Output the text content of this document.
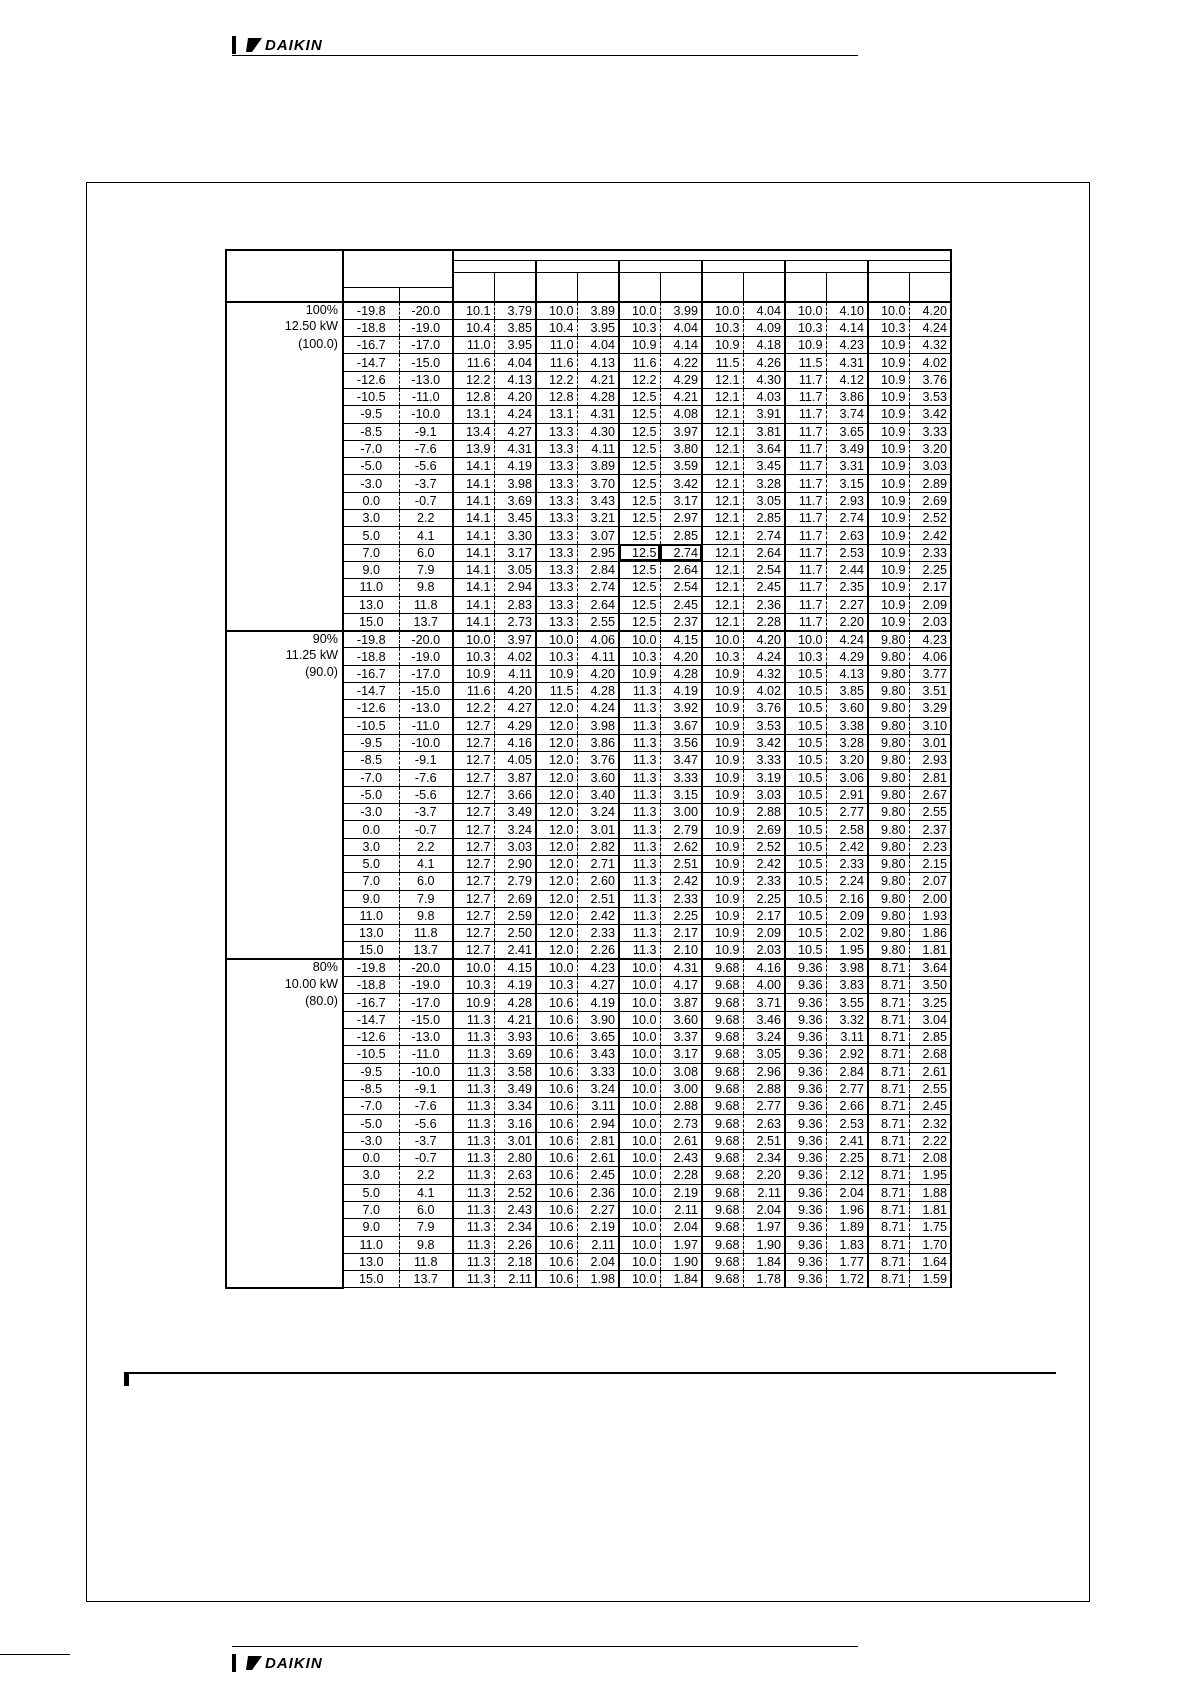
DAIKIN

100%	-19.8	-20.0	10.1	3.79	10.0	3.89	10.0	3.99	10.0	4.04	10.0	4.10	10.0	4.20
12.50 kW	-18.8	-19.0	10.4	3.85	10.4	3.95	10.3	4.04	10.3	4.09	10.3	4.14	10.3	4.24
(100.0)	-16.7	-17.0	11.0	3.95	11.0	4.04	10.9	4.14	10.9	4.18	10.9	4.23	10.9	4.32
	-14.7	-15.0	11.6	4.04	11.6	4.13	11.6	4.22	11.5	4.26	11.5	4.31	10.9	4.02
	-12.6	-13.0	12.2	4.13	12.2	4.21	12.2	4.29	12.1	4.30	11.7	4.12	10.9	3.76
	-10.5	-11.0	12.8	4.20	12.8	4.28	12.5	4.21	12.1	4.03	11.7	3.86	10.9	3.53
	-9.5	-10.0	13.1	4.24	13.1	4.31	12.5	4.08	12.1	3.91	11.7	3.74	10.9	3.42
	-8.5	-9.1	13.4	4.27	13.3	4.30	12.5	3.97	12.1	3.81	11.7	3.65	10.9	3.33
	-7.0	-7.6	13.9	4.31	13.3	4.11	12.5	3.80	12.1	3.64	11.7	3.49	10.9	3.20
	-5.0	-5.6	14.1	4.19	13.3	3.89	12.5	3.59	12.1	3.45	11.7	3.31	10.9	3.03
	-3.0	-3.7	14.1	3.98	13.3	3.70	12.5	3.42	12.1	3.28	11.7	3.15	10.9	2.89
	0.0	-0.7	14.1	3.69	13.3	3.43	12.5	3.17	12.1	3.05	11.7	2.93	10.9	2.69
	3.0	2.2	14.1	3.45	13.3	3.21	12.5	2.97	12.1	2.85	11.7	2.74	10.9	2.52
	5.0	4.1	14.1	3.30	13.3	3.07	12.5	2.85	12.1	2.74	11.7	2.63	10.9	2.42
	7.0	6.0	14.1	3.17	13.3	2.95	12.5	2.74	12.1	2.64	11.7	2.53	10.9	2.33
	9.0	7.9	14.1	3.05	13.3	2.84	12.5	2.64	12.1	2.54	11.7	2.44	10.9	2.25
	11.0	9.8	14.1	2.94	13.3	2.74	12.5	2.54	12.1	2.45	11.7	2.35	10.9	2.17
	13.0	11.8	14.1	2.83	13.3	2.64	12.5	2.45	12.1	2.36	11.7	2.27	10.9	2.09
	15.0	13.7	14.1	2.73	13.3	2.55	12.5	2.37	12.1	2.28	11.7	2.20	10.9	2.03
90%	-19.8	-20.0	10.0	3.97	10.0	4.06	10.0	4.15	10.0	4.20	10.0	4.24	9.80	4.23
11.25 kW	-18.8	-19.0	10.3	4.02	10.3	4.11	10.3	4.20	10.3	4.24	10.3	4.29	9.80	4.06
(90.0)	-16.7	-17.0	10.9	4.11	10.9	4.20	10.9	4.28	10.9	4.32	10.5	4.13	9.80	3.77
	-14.7	-15.0	11.6	4.20	11.5	4.28	11.3	4.19	10.9	4.02	10.5	3.85	9.80	3.51
	-12.6	-13.0	12.2	4.27	12.0	4.24	11.3	3.92	10.9	3.76	10.5	3.60	9.80	3.29
	-10.5	-11.0	12.7	4.29	12.0	3.98	11.3	3.67	10.9	3.53	10.5	3.38	9.80	3.10
	-9.5	-10.0	12.7	4.16	12.0	3.86	11.3	3.56	10.9	3.42	10.5	3.28	9.80	3.01
	-8.5	-9.1	12.7	4.05	12.0	3.76	11.3	3.47	10.9	3.33	10.5	3.20	9.80	2.93
	-7.0	-7.6	12.7	3.87	12.0	3.60	11.3	3.33	10.9	3.19	10.5	3.06	9.80	2.81
	-5.0	-5.6	12.7	3.66	12.0	3.40	11.3	3.15	10.9	3.03	10.5	2.91	9.80	2.67
	-3.0	-3.7	12.7	3.49	12.0	3.24	11.3	3.00	10.9	2.88	10.5	2.77	9.80	2.55
	0.0	-0.7	12.7	3.24	12.0	3.01	11.3	2.79	10.9	2.69	10.5	2.58	9.80	2.37
	3.0	2.2	12.7	3.03	12.0	2.82	11.3	2.62	10.9	2.52	10.5	2.42	9.80	2.23
	5.0	4.1	12.7	2.90	12.0	2.71	11.3	2.51	10.9	2.42	10.5	2.33	9.80	2.15
	7.0	6.0	12.7	2.79	12.0	2.60	11.3	2.42	10.9	2.33	10.5	2.24	9.80	2.07
	9.0	7.9	12.7	2.69	12.0	2.51	11.3	2.33	10.9	2.25	10.5	2.16	9.80	2.00
	11.0	9.8	12.7	2.59	12.0	2.42	11.3	2.25	10.9	2.17	10.5	2.09	9.80	1.93
	13.0	11.8	12.7	2.50	12.0	2.33	11.3	2.17	10.9	2.09	10.5	2.02	9.80	1.86
	15.0	13.7	12.7	2.41	12.0	2.26	11.3	2.10	10.9	2.03	10.5	1.95	9.80	1.81
80%	-19.8	-20.0	10.0	4.15	10.0	4.23	10.0	4.31	9.68	4.16	9.36	3.98	8.71	3.64
10.00 kW	-18.8	-19.0	10.3	4.19	10.3	4.27	10.0	4.17	9.68	4.00	9.36	3.83	8.71	3.50
(80.0)	-16.7	-17.0	10.9	4.28	10.6	4.19	10.0	3.87	9.68	3.71	9.36	3.55	8.71	3.25
	-14.7	-15.0	11.3	4.21	10.6	3.90	10.0	3.60	9.68	3.46	9.36	3.32	8.71	3.04
	-12.6	-13.0	11.3	3.93	10.6	3.65	10.0	3.37	9.68	3.24	9.36	3.11	8.71	2.85
	-10.5	-11.0	11.3	3.69	10.6	3.43	10.0	3.17	9.68	3.05	9.36	2.92	8.71	2.68
	-9.5	-10.0	11.3	3.58	10.6	3.33	10.0	3.08	9.68	2.96	9.36	2.84	8.71	2.61
	-8.5	-9.1	11.3	3.49	10.6	3.24	10.0	3.00	9.68	2.88	9.36	2.77	8.71	2.55
	-7.0	-7.6	11.3	3.34	10.6	3.11	10.0	2.88	9.68	2.77	9.36	2.66	8.71	2.45
	-5.0	-5.6	11.3	3.16	10.6	2.94	10.0	2.73	9.68	2.63	9.36	2.53	8.71	2.32
	-3.0	-3.7	11.3	3.01	10.6	2.81	10.0	2.61	9.68	2.51	9.36	2.41	8.71	2.22
	0.0	-0.7	11.3	2.80	10.6	2.61	10.0	2.43	9.68	2.34	9.36	2.25	8.71	2.08
	3.0	2.2	11.3	2.63	10.6	2.45	10.0	2.28	9.68	2.20	9.36	2.12	8.71	1.95
	5.0	4.1	11.3	2.52	10.6	2.36	10.0	2.19	9.68	2.11	9.36	2.04	8.71	1.88
	7.0	6.0	11.3	2.43	10.6	2.27	10.0	2.11	9.68	2.04	9.36	1.96	8.71	1.81
	9.0	7.9	11.3	2.34	10.6	2.19	10.0	2.04	9.68	1.97	9.36	1.89	8.71	1.75
	11.0	9.8	11.3	2.26	10.6	2.11	10.0	1.97	9.68	1.90	9.36	1.83	8.71	1.70
	13.0	11.8	11.3	2.18	10.6	2.04	10.0	1.90	9.68	1.84	9.36	1.77	8.71	1.64
	15.0	13.7	11.3	2.11	10.6	1.98	10.0	1.84	9.68	1.78	9.36	1.72	8.71	1.59
DAIKIN
